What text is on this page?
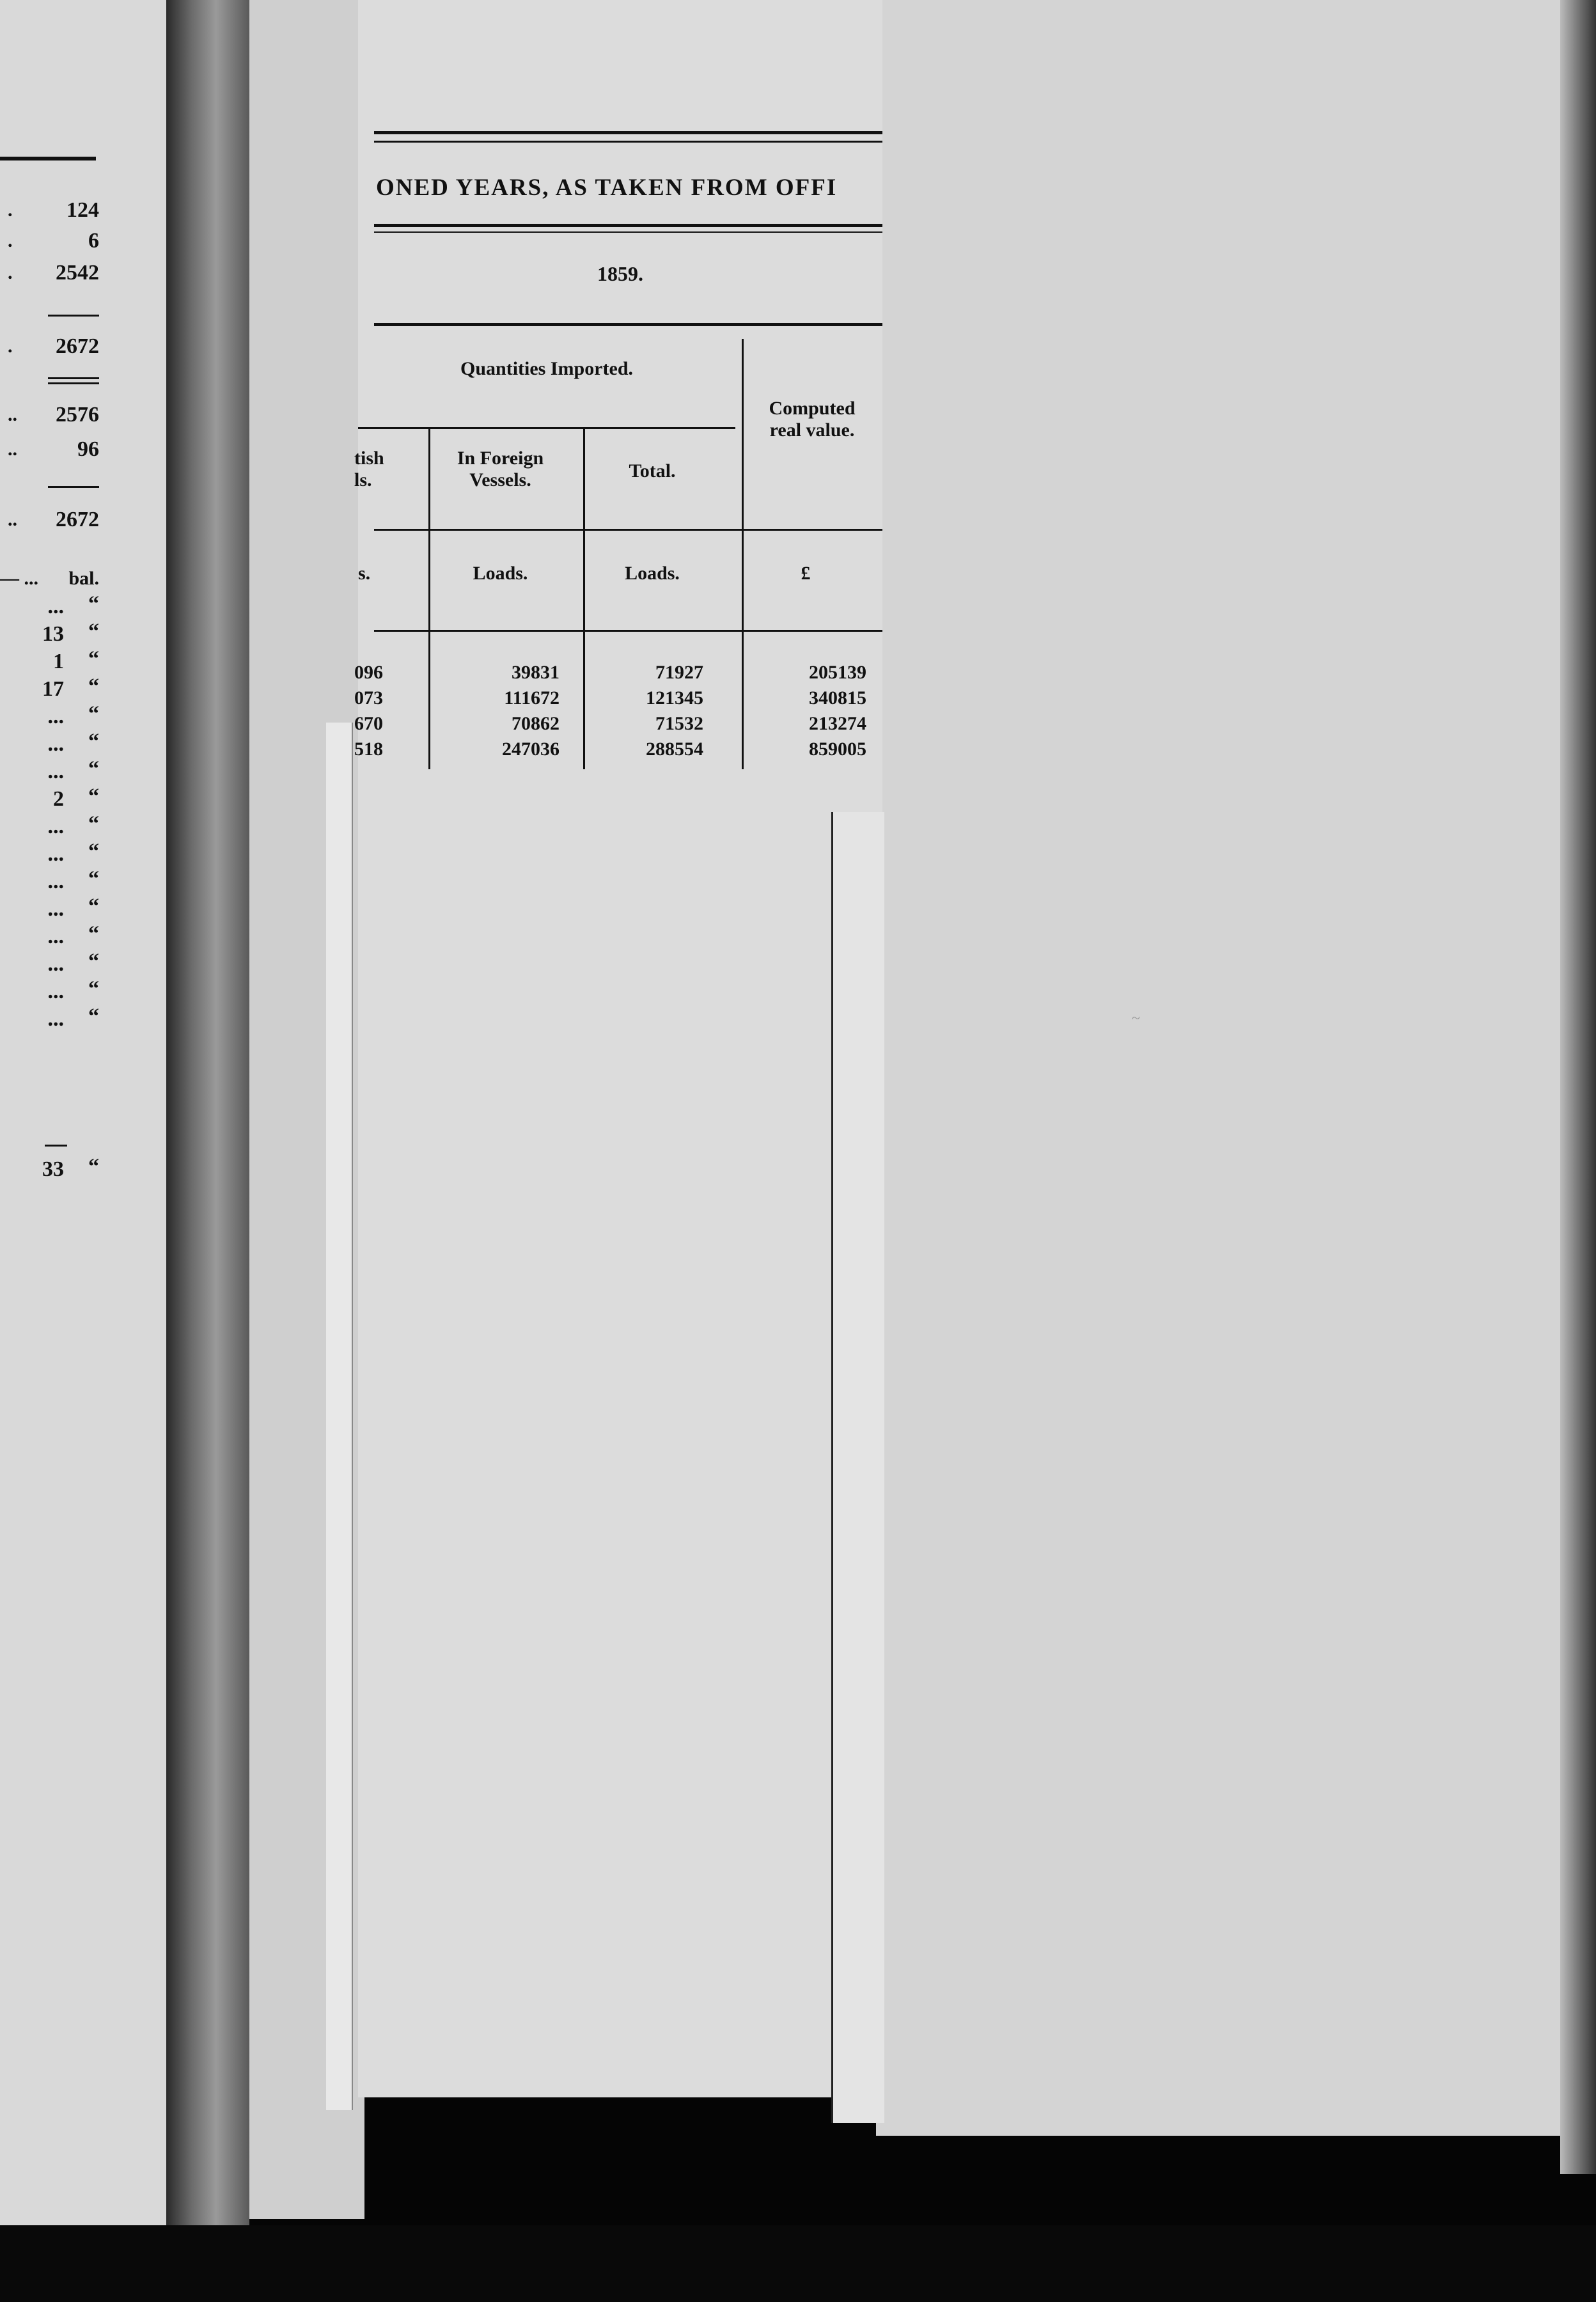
. 124
.	6
. 2542
. 2672
.. 2576
..	96
.. 2672
— ... bal.
... “
13 “
1 “
17 “
... “
... “
... “
2 “
... “
... “
... “
... “
... “
... “
... “
... “
33 “
ONED YEARS, AS TAKEN FROM OFFI
1859.
Quantities Imported.
tish
ls.
In Foreign
Vessels.	Total.
Computed
real value.
s.	Loads.	Loads.	£
096	39831	71927	205139
073	111672	121345	340815
670	70862	71532	213274
518	247036	288554	859005
~
